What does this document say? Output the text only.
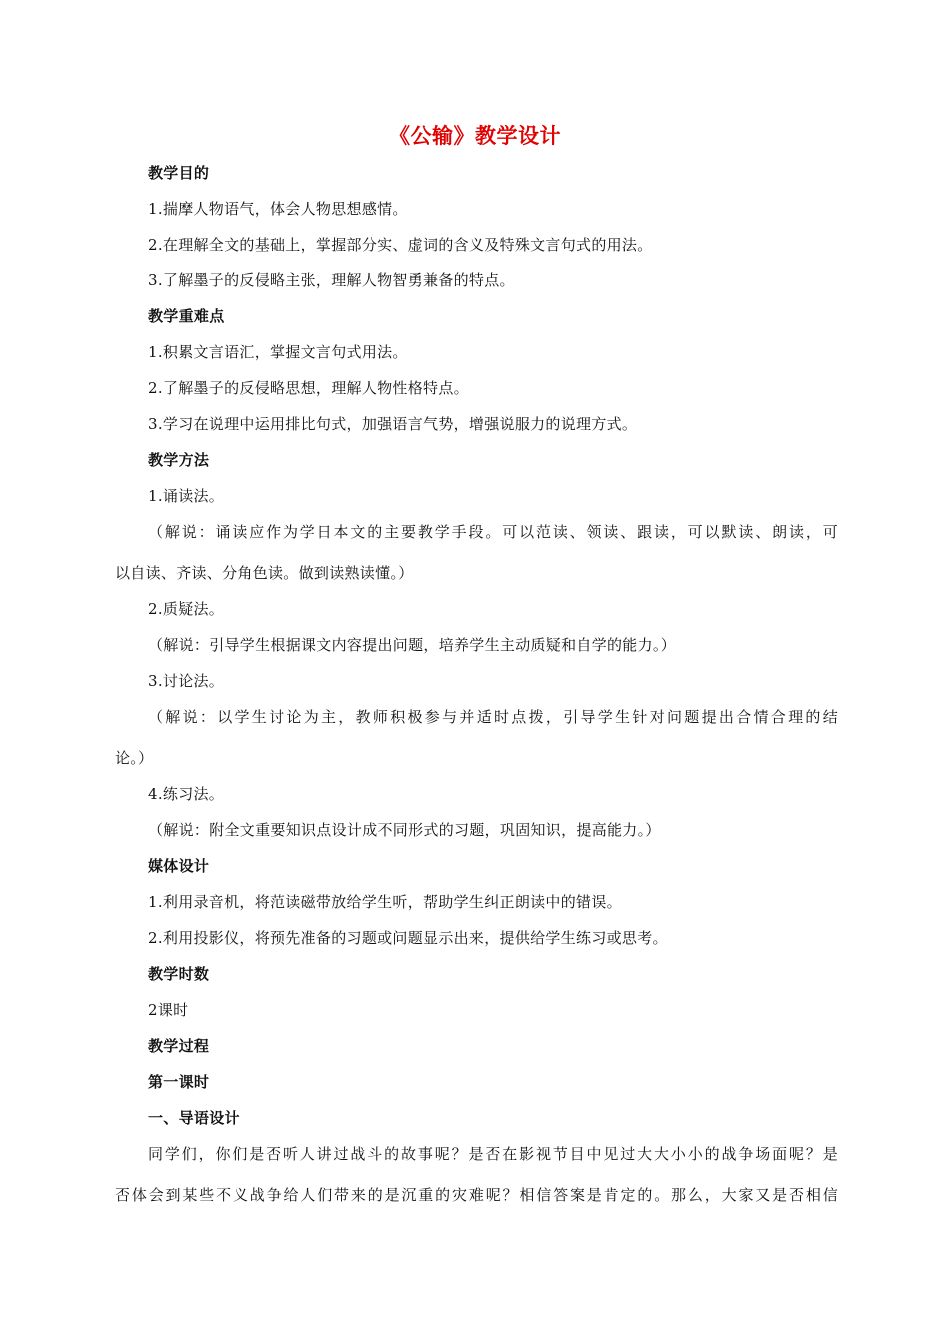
《公输》教学设计
教学目的
1.揣摩人物语气，体会人物思想感情。
2.在理解全文的基础上，掌握部分实、虚词的含义及特殊文言句式的用法。
3.了解墨子的反侵略主张，理解人物智勇兼备的特点。
教学重难点
1.积累文言语汇，掌握文言句式用法。
2.了解墨子的反侵略思想，理解人物性格特点。
3.学习在说理中运用排比句式，加强语言气势，增强说服力的说理方式。
教学方法
1.诵读法。
（解说：诵读应作为学日本文的主要教学手段。可以范读、领读、跟读，可以默读、朗读，可
以自读、齐读、分角色读。做到读熟读懂。）
2.质疑法。
（解说：引导学生根据课文内容提出问题，培养学生主动质疑和自学的能力。）
3.讨论法。
（解说：以学生讨论为主，教师积极参与并适时点拨，引导学生针对问题提出合情合理的结
论。）
4.练习法。
（解说：附全文重要知识点设计成不同形式的习题，巩固知识，提高能力。）
媒体设计
1.利用录音机，将范读磁带放给学生听，帮助学生纠正朗读中的错误。
2.利用投影仪，将预先准备的习题或问题显示出来，提供给学生练习或思考。
教学时数
2课时
教学过程
第一课时
一、导语设计
同学们，你们是否听人讲过战斗的故事呢？是否在影视节目中见过大大小小的战争场面呢？是
否体会到某些不义战争给人们带来的是沉重的灾难呢？相信答案是肯定的。那么，大家又是否相信
